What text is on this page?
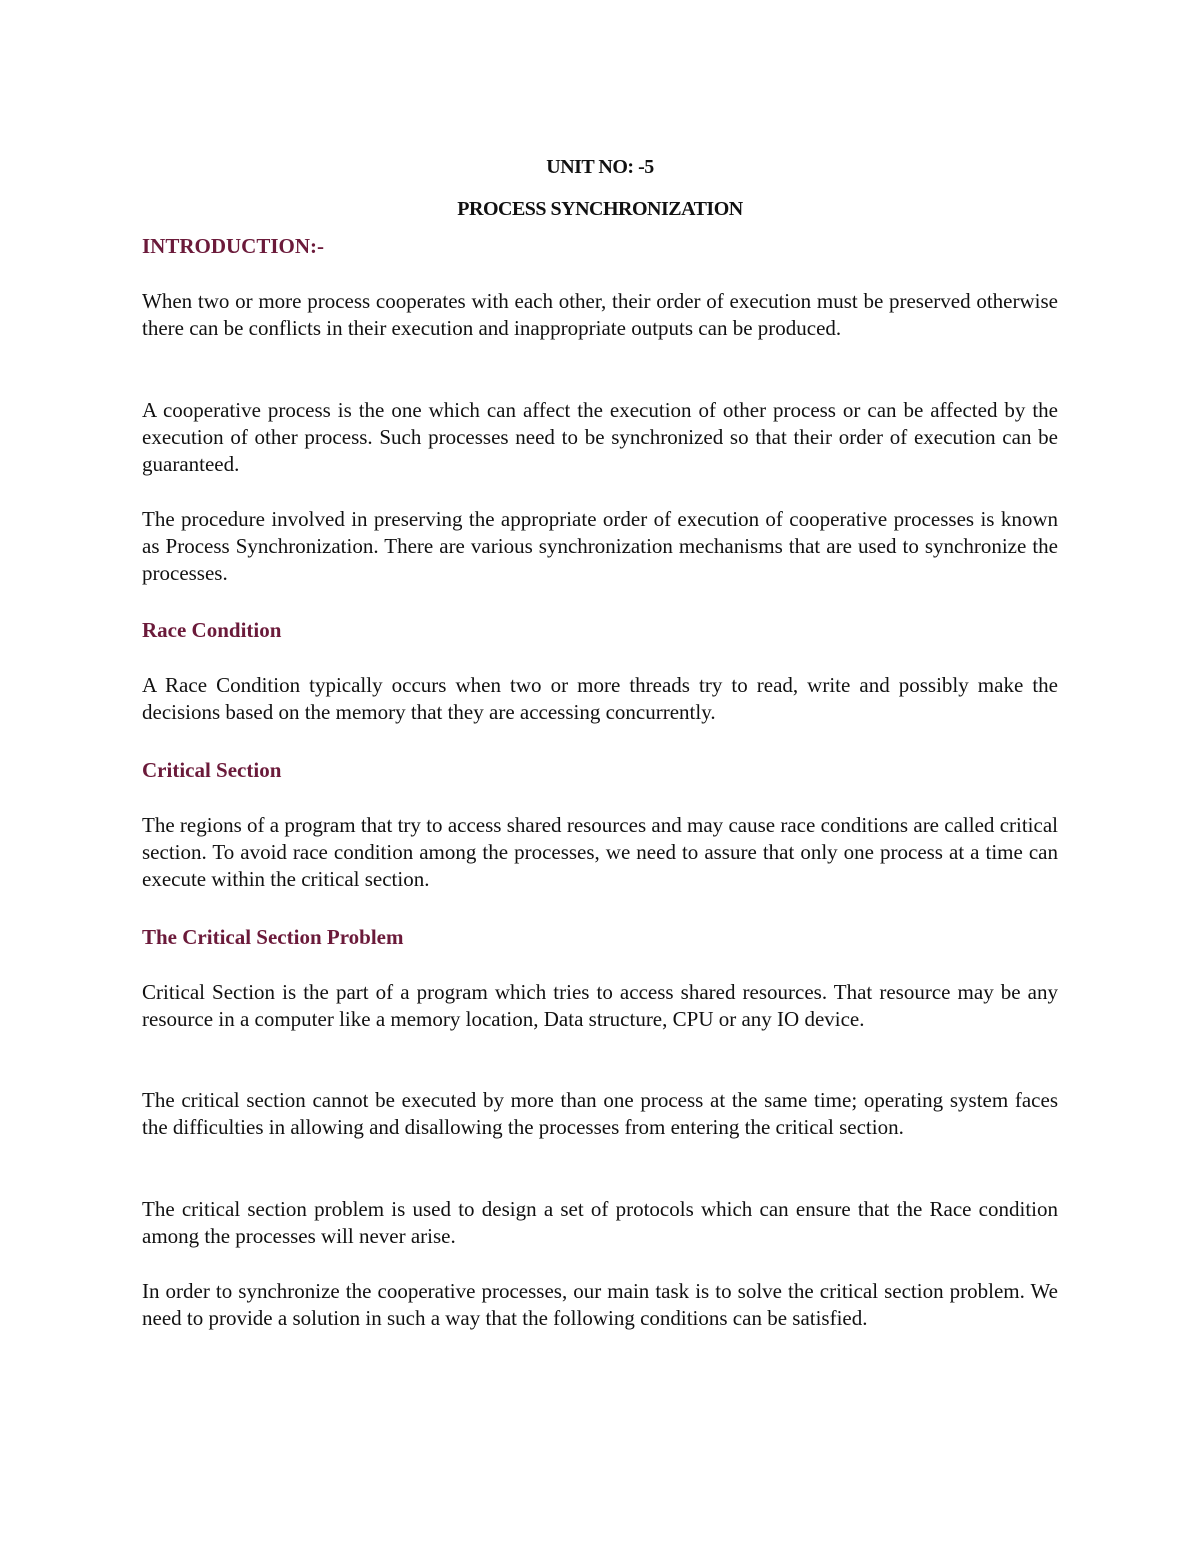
UNIT NO: -5
PROCESS SYNCHRONIZATION
INTRODUCTION:-
When two or more process cooperates with each other, their order of execution must be preserved otherwise there can be conflicts in their execution and inappropriate outputs can be produced.
A cooperative process is the one which can affect the execution of other process or can be affected by the execution of other process. Such processes need to be synchronized so that their order of execution can be guaranteed.
The procedure involved in preserving the appropriate order of execution of cooperative processes is known as Process Synchronization. There are various synchronization mechanisms that are used to synchronize the processes.
Race Condition
A Race Condition typically occurs when two or more threads try to read, write and possibly make the decisions based on the memory that they are accessing concurrently.
Critical Section
The regions of a program that try to access shared resources and may cause race conditions are called critical section. To avoid race condition among the processes, we need to assure that only one process at a time can execute within the critical section.
The Critical Section Problem
Critical Section is the part of a program which tries to access shared resources. That resource may be any resource in a computer like a memory location, Data structure, CPU or any IO device.
The critical section cannot be executed by more than one process at the same time; operating system faces the difficulties in allowing and disallowing the processes from entering the critical section.
The critical section problem is used to design a set of protocols which can ensure that the Race condition among the processes will never arise.
In order to synchronize the cooperative processes, our main task is to solve the critical section problem. We need to provide a solution in such a way that the following conditions can be satisfied.
